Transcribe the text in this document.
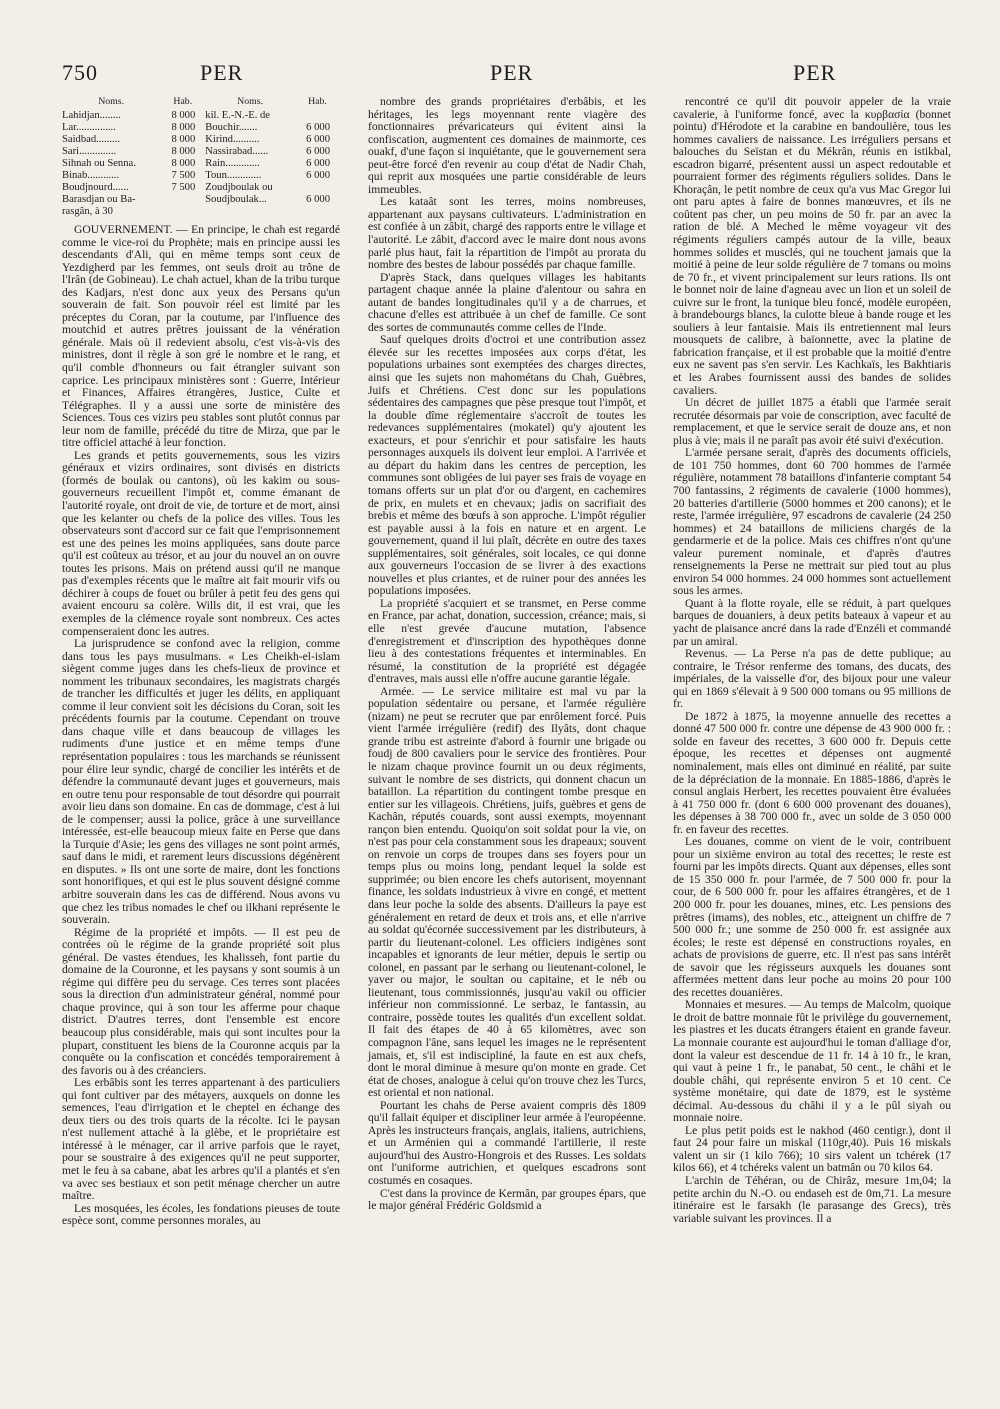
750	PER	PER	PER
Noms.	Hab.	Noms.	Hab.
Lahidjan........	8 000	kil. E.-N.-E. de	
Lar...............	8 000	Bouchir.......	6 000
Saidbad.........	8 000	Kirind..........	6 000
Sari..............	8 000	Nassirabad......	6 000
Sihnah ou Senna.	8 000	Rain.............	6 000
Binab............	7 500	Toun.............	6 000
Boudjnourd......	7 500	Zoudjboulak ou	
Barasdjan ou Ba-		Soudjboulak...	6 000
rasgân, à 30			

GOUVERNEMENT. — En principe, le chah est regardé comme le vice-roi du Prophète; mais en principe aussi les descendants d'Ali, qui en même temps sont ceux de Yezdigherd par les femmes, ont seuls droit au trône de l'Irân (de Gobineau). Le chah actuel, khan de la tribu turque des Kadjars, n'est donc aux yeux des Persans qu'un souverain de fait. Son pouvoir réel est limité par les préceptes du Coran, par la coutume, par l'influence des moutchid et autres prêtres jouissant de la vénération générale. Mais où il redevient absolu, c'est vis-à-vis des ministres, dont il règle à son gré le nombre et le rang, et qu'il comble d'honneurs ou fait étrangler suivant son caprice. Les principaux ministères sont : Guerre, Intérieur et Finances, Affaires étrangères, Justice, Culte et Télégraphes. Il y a aussi une sorte de ministère des Sciences. Tous ces vizirs peu stables sont plutôt connus par leur nom de famille, précédé du titre de Mirza, que par le titre officiel attaché à leur fonction.

Les grands et petits gouvernements, sous les vizirs généraux et vizirs ordinaires, sont divisés en districts (formés de boulak ou cantons), où les kakim ou sous-gouverneurs recueillent l'impôt et, comme émanant de l'autorité royale, ont droit de vie, de torture et de mort, ainsi que les kelanter ou chefs de la police des villes. Tous les observateurs sont d'accord sur ce fait que l'emprisonnement est une des peines les moins appliquées, sans doute parce qu'il est coûteux au trésor, et au jour du nouvel an on ouvre toutes les prisons. Mais on prétend aussi qu'il ne manque pas d'exemples récents que le maître ait fait mourir vifs ou déchirer à coups de fouet ou brûler à petit feu des gens qui avaient encouru sa colère. Wills dit, il est vrai, que les exemples de la clémence royale sont nombreux. Ces actes compenseraient donc les autres.

La jurisprudence se confond avec la religion, comme dans tous les pays musulmans. « Les Cheikh-el-islam siègent comme juges dans les chefs-lieux de province et nomment les tribunaux secondaires, les magistrats chargés de trancher les difficultés et juger les délits, en appliquant comme il leur convient soit les décisions du Coran, soit les précédents fournis par la coutume. Cependant on trouve dans chaque ville et dans beaucoup de villages les rudiments d'une justice et en même temps d'une représentation populaires : tous les marchands se réunissent pour élire leur syndic, chargé de concilier les intérêts et de défendre la communauté devant juges et gouverneurs, mais en outre tenu pour responsable de tout désordre qui pourrait avoir lieu dans son domaine. En cas de dommage, c'est à lui de le compenser; aussi la police, grâce à une surveillance intéressée, est-elle beaucoup mieux faite en Perse que dans la Turquie d'Asie; les gens des villages ne sont point armés, sauf dans le midi, et rarement leurs discussions dégénèrent en disputes. » Ils ont une sorte de maire, dont les fonctions sont honorifiques, et qui est le plus souvent désigné comme arbitre souverain dans les cas de différend. Nous avons vu que chez les tribus nomades le chef ou ilkhani représente le souverain.

Régime de la propriété et impôts. — Il est peu de contrées où le régime de la grande propriété soit plus général. De vastes étendues, les khalisseh, font partie du domaine de la Couronne, et les paysans y sont soumis à un régime qui diffère peu du servage. Ces terres sont placées sous la direction d'un administrateur général, nommé pour chaque province, qui à son tour les afferme pour chaque district. D'autres terres, dont l'ensemble est encore beaucoup plus considérable, mais qui sont incultes pour la plupart, constituent les biens de la Couronne acquis par la conquête ou la confiscation et concédés temporairement à des favoris ou à des créanciers.

Les erbâbis sont les terres appartenant à des particuliers qui font cultiver par des métayers, auxquels on donne les semences, l'eau d'irrigation et le cheptel en échange des deux tiers ou des trois quarts de la récolte. Ici le paysan n'est nullement attaché à la glèbe, et le propriétaire est intéressé à le ménager, car il arrive parfois que le rayet, pour se soustraire à des exigences qu'il ne peut supporter, met le feu à sa cabane, abat les arbres qu'il a plantés et s'en va avec ses bestiaux et son petit ménage chercher un autre maître.

Les mosquées, les écoles, les fondations pieuses de toute espèce sont, comme personnes morales, au

nombre des grands propriétaires d'erbâbis, et les héritages, les legs moyennant rente viagère des fonctionnaires prévaricateurs qui évitent ainsi la confiscation, augmentent ces domaines de mainmorte, ces ouakf, d'une façon si inquiétante, que le gouvernement sera peut-être forcé d'en revenir au coup d'état de Nadir Chah, qui reprit aux mosquées une partie considérable de leurs immeubles.

Les kataât sont les terres, moins nombreuses, appartenant aux paysans cultivateurs. L'administration en est confiée à un zâbit, chargé des rapports entre le village et l'autorité. Le zâbit, d'accord avec le maire dont nous avons parlé plus haut, fait la répartition de l'impôt au prorata du nombre des bestes de labour possédés par chaque famille.

D'après Stack, dans quelques villages les habitants partagent chaque année la plaine d'alentour ou sahra en autant de bandes longitudinales qu'il y a de charrues, et chacune d'elles est attribuée à un chef de famille. Ce sont des sortes de communautés comme celles de l'Inde.

Sauf quelques droits d'octroi et une contribution assez élevée sur les recettes imposées aux corps d'état, les populations urbaines sont exemptées des charges directes, ainsi que les sujets non mahométans du Chah, Guèbres, Juifs et Chrétiens. C'est donc sur les populations sédentaires des campagnes que pèse presque tout l'impôt, et la double dîme réglementaire s'accroît de toutes les redevances supplémentaires (mokatel) qu'y ajoutent les exacteurs, et pour s'enrichir et pour satisfaire les hauts personnages auxquels ils doivent leur emploi. A l'arrivée et au départ du hakim dans les centres de perception, les communes sont obligées de lui payer ses frais de voyage en tomans offerts sur un plat d'or ou d'argent, en cachemires de prix, en mulets et en chevaux; jadis on sacrifiait des brebis et même des bœufs à son approche. L'impôt régulier est payable aussi à la fois en nature et en argent. Le gouvernement, quand il lui plaît, décrète en outre des taxes supplémentaires, soit générales, soit locales, ce qui donne aux gouverneurs l'occasion de se livrer à des exactions nouvelles et plus criantes, et de ruiner pour des années les populations imposées.

La propriété s'acquiert et se transmet, en Perse comme en France, par achat, donation, succession, créance; mais, si elle n'est grevée d'aucune mutation, l'absence d'enregistrement et d'inscription des hypothèques donne lieu à des contestations fréquentes et interminables. En résumé, la constitution de la propriété est dégagée d'entraves, mais aussi elle n'offre aucune garantie légale.

Armée. — Le service militaire est mal vu par la population sédentaire ou persane, et l'armée régulière (nizam) ne peut se recruter que par enrôlement forcé. Puis vient l'armée irrégulière (redif) des Ilyâts, dont chaque grande tribu est astreinte d'abord à fournir une brigade ou foudj de 800 cavaliers pour le service des frontières. Pour le nizam chaque province fournit un ou deux régiments, suivant le nombre de ses districts, qui donnent chacun un bataillon. La répartition du contingent tombe presque en entier sur les villageois. Chrétiens, juifs, guèbres et gens de Kachân, réputés couards, sont aussi exempts, moyennant rançon bien entendu. Quoiqu'on soit soldat pour la vie, on n'est pas pour cela constamment sous les drapeaux; souvent on renvoie un corps de troupes dans ses foyers pour un temps plus ou moins long, pendant lequel la solde est supprimée; ou bien encore les chefs autorisent, moyennant finance, les soldats industrieux à vivre en congé, et mettent dans leur poche la solde des absents. D'ailleurs la paye est généralement en retard de deux et trois ans, et elle n'arrive au soldat qu'écornée successivement par les distributeurs, à partir du lieutenant-colonel. Les officiers indigènes sont incapables et ignorants de leur métier, depuis le sertip ou colonel, en passant par le serhang ou lieutenant-colonel, le yaver ou major, le soultan ou capitaine, et le néb ou lieutenant, tous commissionnés, jusqu'au vakil ou officier inférieur non commissionné. Le serbaz, le fantassin, au contraire, possède toutes les qualités d'un excellent soldat. Il fait des étapes de 40 à 65 kilomètres, avec son compagnon l'âne, sans lequel les images ne le représentent jamais, et, s'il est indiscipliné, la faute en est aux chefs, dont le moral diminue à mesure qu'on monte en grade. Cet état de choses, analogue à celui qu'on trouve chez les Turcs, est oriental et non national.

Pourtant les chahs de Perse avaient compris dès 1809 qu'il fallait équiper et discipliner leur armée à l'européenne. Après les instructeurs français, anglais, italiens, autrichiens, et un Arménien qui a commandé l'artillerie, il reste aujourd'hui des Austro-Hongrois et des Russes. Les soldats ont l'uniforme autrichien, et quelques escadrons sont costumés en cosaques.

C'est dans la province de Kermân, par groupes épars, que le major général Frédéric Goldsmid a

rencontré ce qu'il dit pouvoir appeler de la vraie cavalerie, à l'uniforme foncé, avec la κυρβασία (bonnet pointu) d'Hérodote et la carabine en bandoulière, tous les hommes cavaliers de naissance. Les irréguliers persans et balouches du Seïstan et du Mékrân, réunis en istikbal, escadron bigarré, présentent aussi un aspect redoutable et pourraient former des régiments réguliers solides. Dans le Khoraçân, le petit nombre de ceux qu'a vus Mac Gregor lui ont paru aptes à faire de bonnes manœuvres, et ils ne coûtent pas cher, un peu moins de 50 fr. par an avec la ration de blé. A Meched le même voyageur vit des régiments réguliers campés autour de la ville, beaux hommes solides et musclés, qui ne touchent jamais que la moitié à peine de leur solde régulière de 7 tomans ou moins de 70 fr., et vivent principalement sur leurs rations. Ils ont le bonnet noir de laine d'agneau avec un lion et un soleil de cuivre sur le front, la tunique bleu foncé, modèle européen, à brandebourgs blancs, la culotte bleue à bande rouge et les souliers à leur fantaisie. Mais ils entretiennent mal leurs mousquets de calibre, à baïonnette, avec la platine de fabrication française, et il est probable que la moitié d'entre eux ne savent pas s'en servir. Les Kachkaïs, les Bakhtiaris et les Arabes fournissent aussi des bandes de solides cavaliers.

Un décret de juillet 1875 a établi que l'armée serait recrutée désormais par voie de conscription, avec faculté de remplacement, et que le service serait de douze ans, et non plus à vie; mais il ne paraît pas avoir été suivi d'exécution.

L'armée persane serait, d'après des documents officiels, de 101 750 hommes, dont 60 700 hommes de l'armée régulière, notamment 78 bataillons d'infanterie comptant 54 700 fantassins, 2 régiments de cavalerie (1000 hommes), 20 batteries d'artillerie (5000 hommes et 200 canons); et le reste, l'armée irrégulière, 97 escadrons de cavalerie (24 250 hommes) et 24 bataillons de miliciens chargés de la gendarmerie et de la police. Mais ces chiffres n'ont qu'une valeur purement nominale, et d'après d'autres renseignements la Perse ne mettrait sur pied tout au plus environ 54 000 hommes. 24 000 hommes sont actuellement sous les armes.

Quant à la flotte royale, elle se réduit, à part quelques barques de douaniers, à deux petits bateaux à vapeur et au yacht de plaisance ancré dans la rade d'Enzéli et commandé par un amiral.

Revenus. — La Perse n'a pas de dette publique; au contraire, le Trésor renferme des tomans, des ducats, des impériales, de la vaisselle d'or, des bijoux pour une valeur qui en 1869 s'élevait à 9 500 000 tomans ou 95 millions de fr.

De 1872 à 1875, la moyenne annuelle des recettes a donné 47 500 000 fr. contre une dépense de 43 900 000 fr. : solde en faveur des recettes, 3 600 000 fr. Depuis cette époque, les recettes et dépenses ont augmenté nominalement, mais elles ont diminué en réalité, par suite de la dépréciation de la monnaie. En 1885-1886, d'après le consul anglais Herbert, les recettes pouvaient être évaluées à 41 750 000 fr. (dont 6 600 000 provenant des douanes), les dépenses à 38 700 000 fr., avec un solde de 3 050 000 fr. en faveur des recettes.

Les douanes, comme on vient de le voir, contribuent pour un sixième environ au total des recettes; le reste est fourni par les impôts directs. Quant aux dépenses, elles sont de 15 350 000 fr. pour l'armée, de 7 500 000 fr. pour la cour, de 6 500 000 fr. pour les affaires étrangères, et de 1 200 000 fr. pour les douanes, mines, etc. Les pensions des prêtres (imams), des nobles, etc., atteignent un chiffre de 7 500 000 fr.; une somme de 250 000 fr. est assignée aux écoles; le reste est dépensé en constructions royales, en achats de provisions de guerre, etc. Il n'est pas sans intérêt de savoir que les régisseurs auxquels les douanes sont affermées mettent dans leur poche au moins 20 pour 100 des recettes douanières.

Monnaies et mesures. — Au temps de Malcolm, quoique le droit de battre monnaie fût le privilège du gouvernement, les piastres et les ducats étrangers étaient en grande faveur. La monnaie courante est aujourd'hui le toman d'alliage d'or, dont la valeur est descendue de 11 fr. 14 à 10 fr., le kran, qui vaut à peine 1 fr., le panabat, 50 cent., le châhi et le double châhi, qui représente environ 5 et 10 cent. Ce système monétaire, qui date de 1879, est le système décimal. Au-dessous du châhi il y a le pûl siyah ou monnaie noire.

Le plus petit poids est le nakhod (460 centigr.), dont il faut 24 pour faire un miskal (110gr,40). Puis 16 miskals valent un sir (1 kilo 766); 10 sirs valent un tchérek (17 kilos 66), et 4 tchéreks valent un batmân ou 70 kilos 64.

L'archin de Téhéran, ou de Chirâz, mesure 1m,04; la petite archin du N.-O. ou endaseh est de 0m,71. La mesure itinéraire est le farsakh (le parasange des Grecs), très variable suivant les provinces. Il a
